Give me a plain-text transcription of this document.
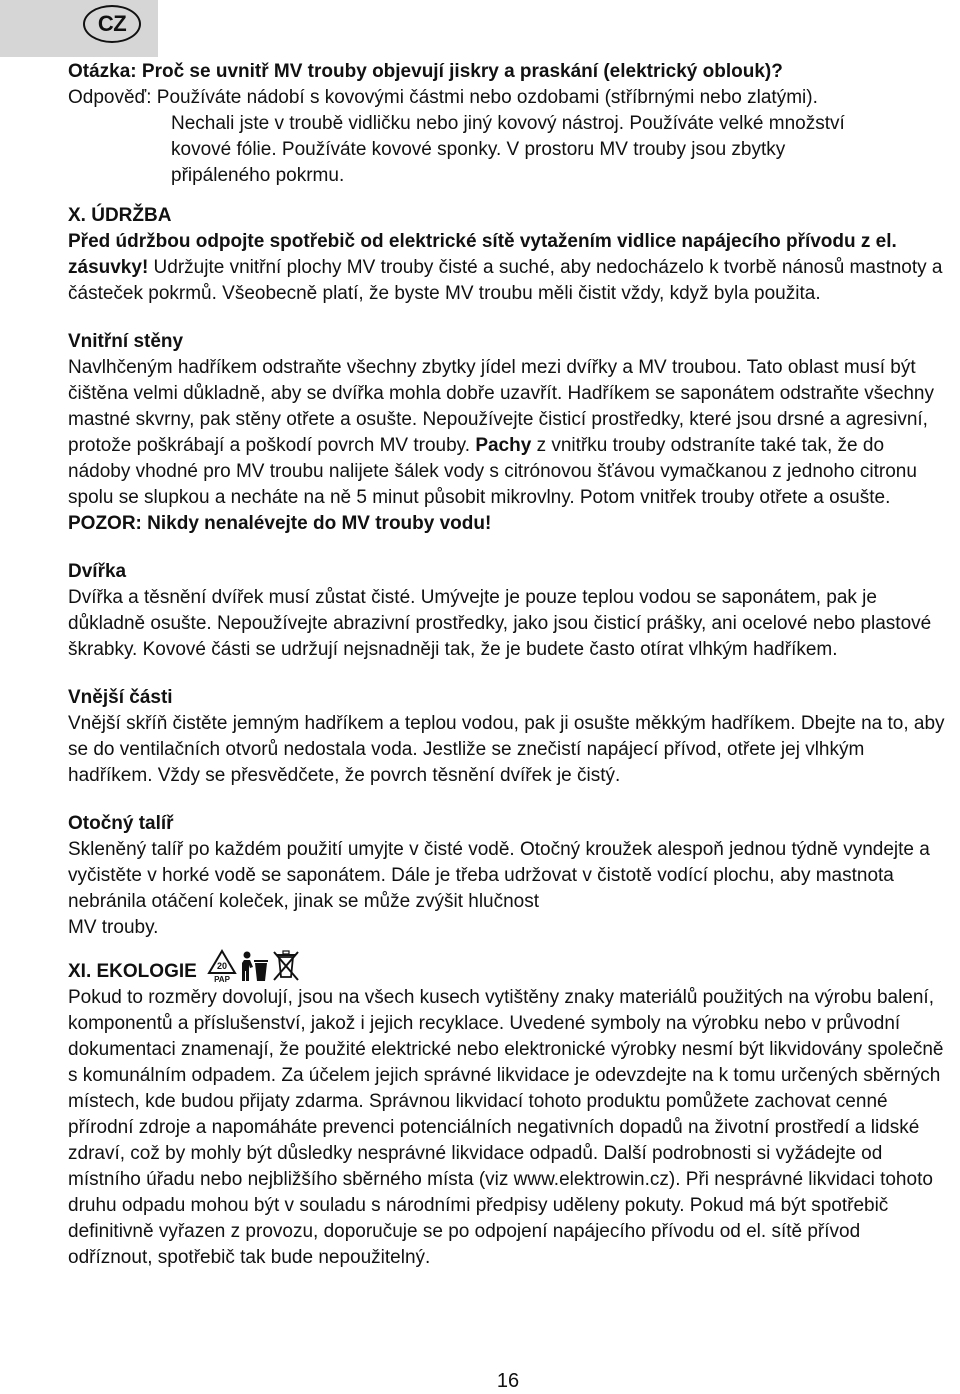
CZ
Otázka: Proč se uvnitř MV trouby objevují jiskry a praskání (elektrický oblouk)?
Odpověď: Používáte nádobí s kovovými částmi nebo ozdobami (stříbrnými nebo zlatými).
Nechali jste v troubě vidličku nebo jiný kovový nástroj. Používáte velké množství kovové fólie. Používáte kovové sponky. V prostoru MV trouby jsou zbytky připáleného pokrmu.
X. ÚDRŽBA
Před údržbou odpojte spotřebič od elektrické sítě vytažením vidlice napájecího přívodu z el. zásuvky! Udržujte vnitřní plochy MV trouby čisté a suché, aby nedocházelo k tvorbě nánosů mastnoty a částeček pokrmů. Všeobecně platí, že byste MV troubu měli čistit vždy, když byla použita.
Vnitřní stěny
Navlhčeným hadříkem odstraňte všechny zbytky jídel mezi dvířky a MV troubou. Tato oblast musí být čištěna velmi důkladně, aby se dvířka mohla dobře uzavřít. Hadříkem se saponátem odstraňte všechny mastné skvrny, pak stěny otřete a osušte. Nepoužívejte čisticí prostředky, které jsou drsné a agresivní, protože poškrábají a poškodí povrch MV trouby. Pachy z vnitřku trouby odstraníte také tak, že do nádoby vhodné pro MV troubu nalijete šálek vody s citrónovou šťávou vymačkanou z jednoho citronu spolu se slupkou a necháte na ně 5 minut působit mikrovlny. Potom vnitřek trouby otřete a osušte.
POZOR: Nikdy nenalévejte do MV trouby vodu!
Dvířka
Dvířka a těsnění dvířek musí zůstat čisté. Umývejte je pouze teplou vodou se saponátem, pak je důkladně osušte. Nepoužívejte abrazivní prostředky, jako jsou čisticí prášky, ani ocelové nebo plastové škrabky. Kovové části se udržují nejsnadněji tak, že je budete často otírat vlhkým hadříkem.
Vnější části
Vnější skříň čistěte jemným hadříkem a teplou vodou, pak ji osušte měkkým hadříkem. Dbejte na to, aby se do ventilačních otvorů nedostala voda. Jestliže se znečistí napájecí přívod, otřete jej vlhkým hadříkem. Vždy se přesvědčete, že povrch těsnění dvířek je čistý.
Otočný talíř
Skleněný talíř po každém použití umyjte v čisté vodě. Otočný kroužek alespoň jednou týdně vyndejte a vyčistěte v horké vodě se saponátem. Dále je třeba udržovat v čistotě vodící plochu, aby mastnota nebránila otáčení koleček, jinak se může zvýšit hlučnost
MV trouby.
XI. EKOLOGIE 20
PAP
Pokud to rozměry dovolují, jsou na všech kusech vytištěny znaky materiálů použitých na výrobu balení, komponentů a příslušenství, jakož i jejich recyklace. Uvedené symboly na výrobku nebo v průvodní dokumentaci znamenají, že použité elektrické nebo elektronické výrobky nesmí být likvidovány společně s komunálním odpadem. Za účelem jejich správné likvidace je odevzdejte na k tomu určených sběrných místech, kde budou přijaty zdarma. Správnou likvidací tohoto produktu pomůžete zachovat cenné přírodní zdroje a napomáháte prevenci potenciálních negativních dopadů na životní prostředí a lidské zdraví, což by mohly být důsledky nesprávné likvidace odpadů. Další podrobnosti si vyžádejte od místního úřadu nebo nejbližšího sběrného místa (viz www.elektrowin.cz). Při nesprávné likvidaci tohoto druhu odpadu mohou být v souladu s národními předpisy uděleny pokuty. Pokud má být spotřebič definitivně vyřazen z provozu, doporučuje se po odpojení napájecího přívodu od el. sítě přívod odříznout, spotřebič tak bude nepoužitelný.
16
